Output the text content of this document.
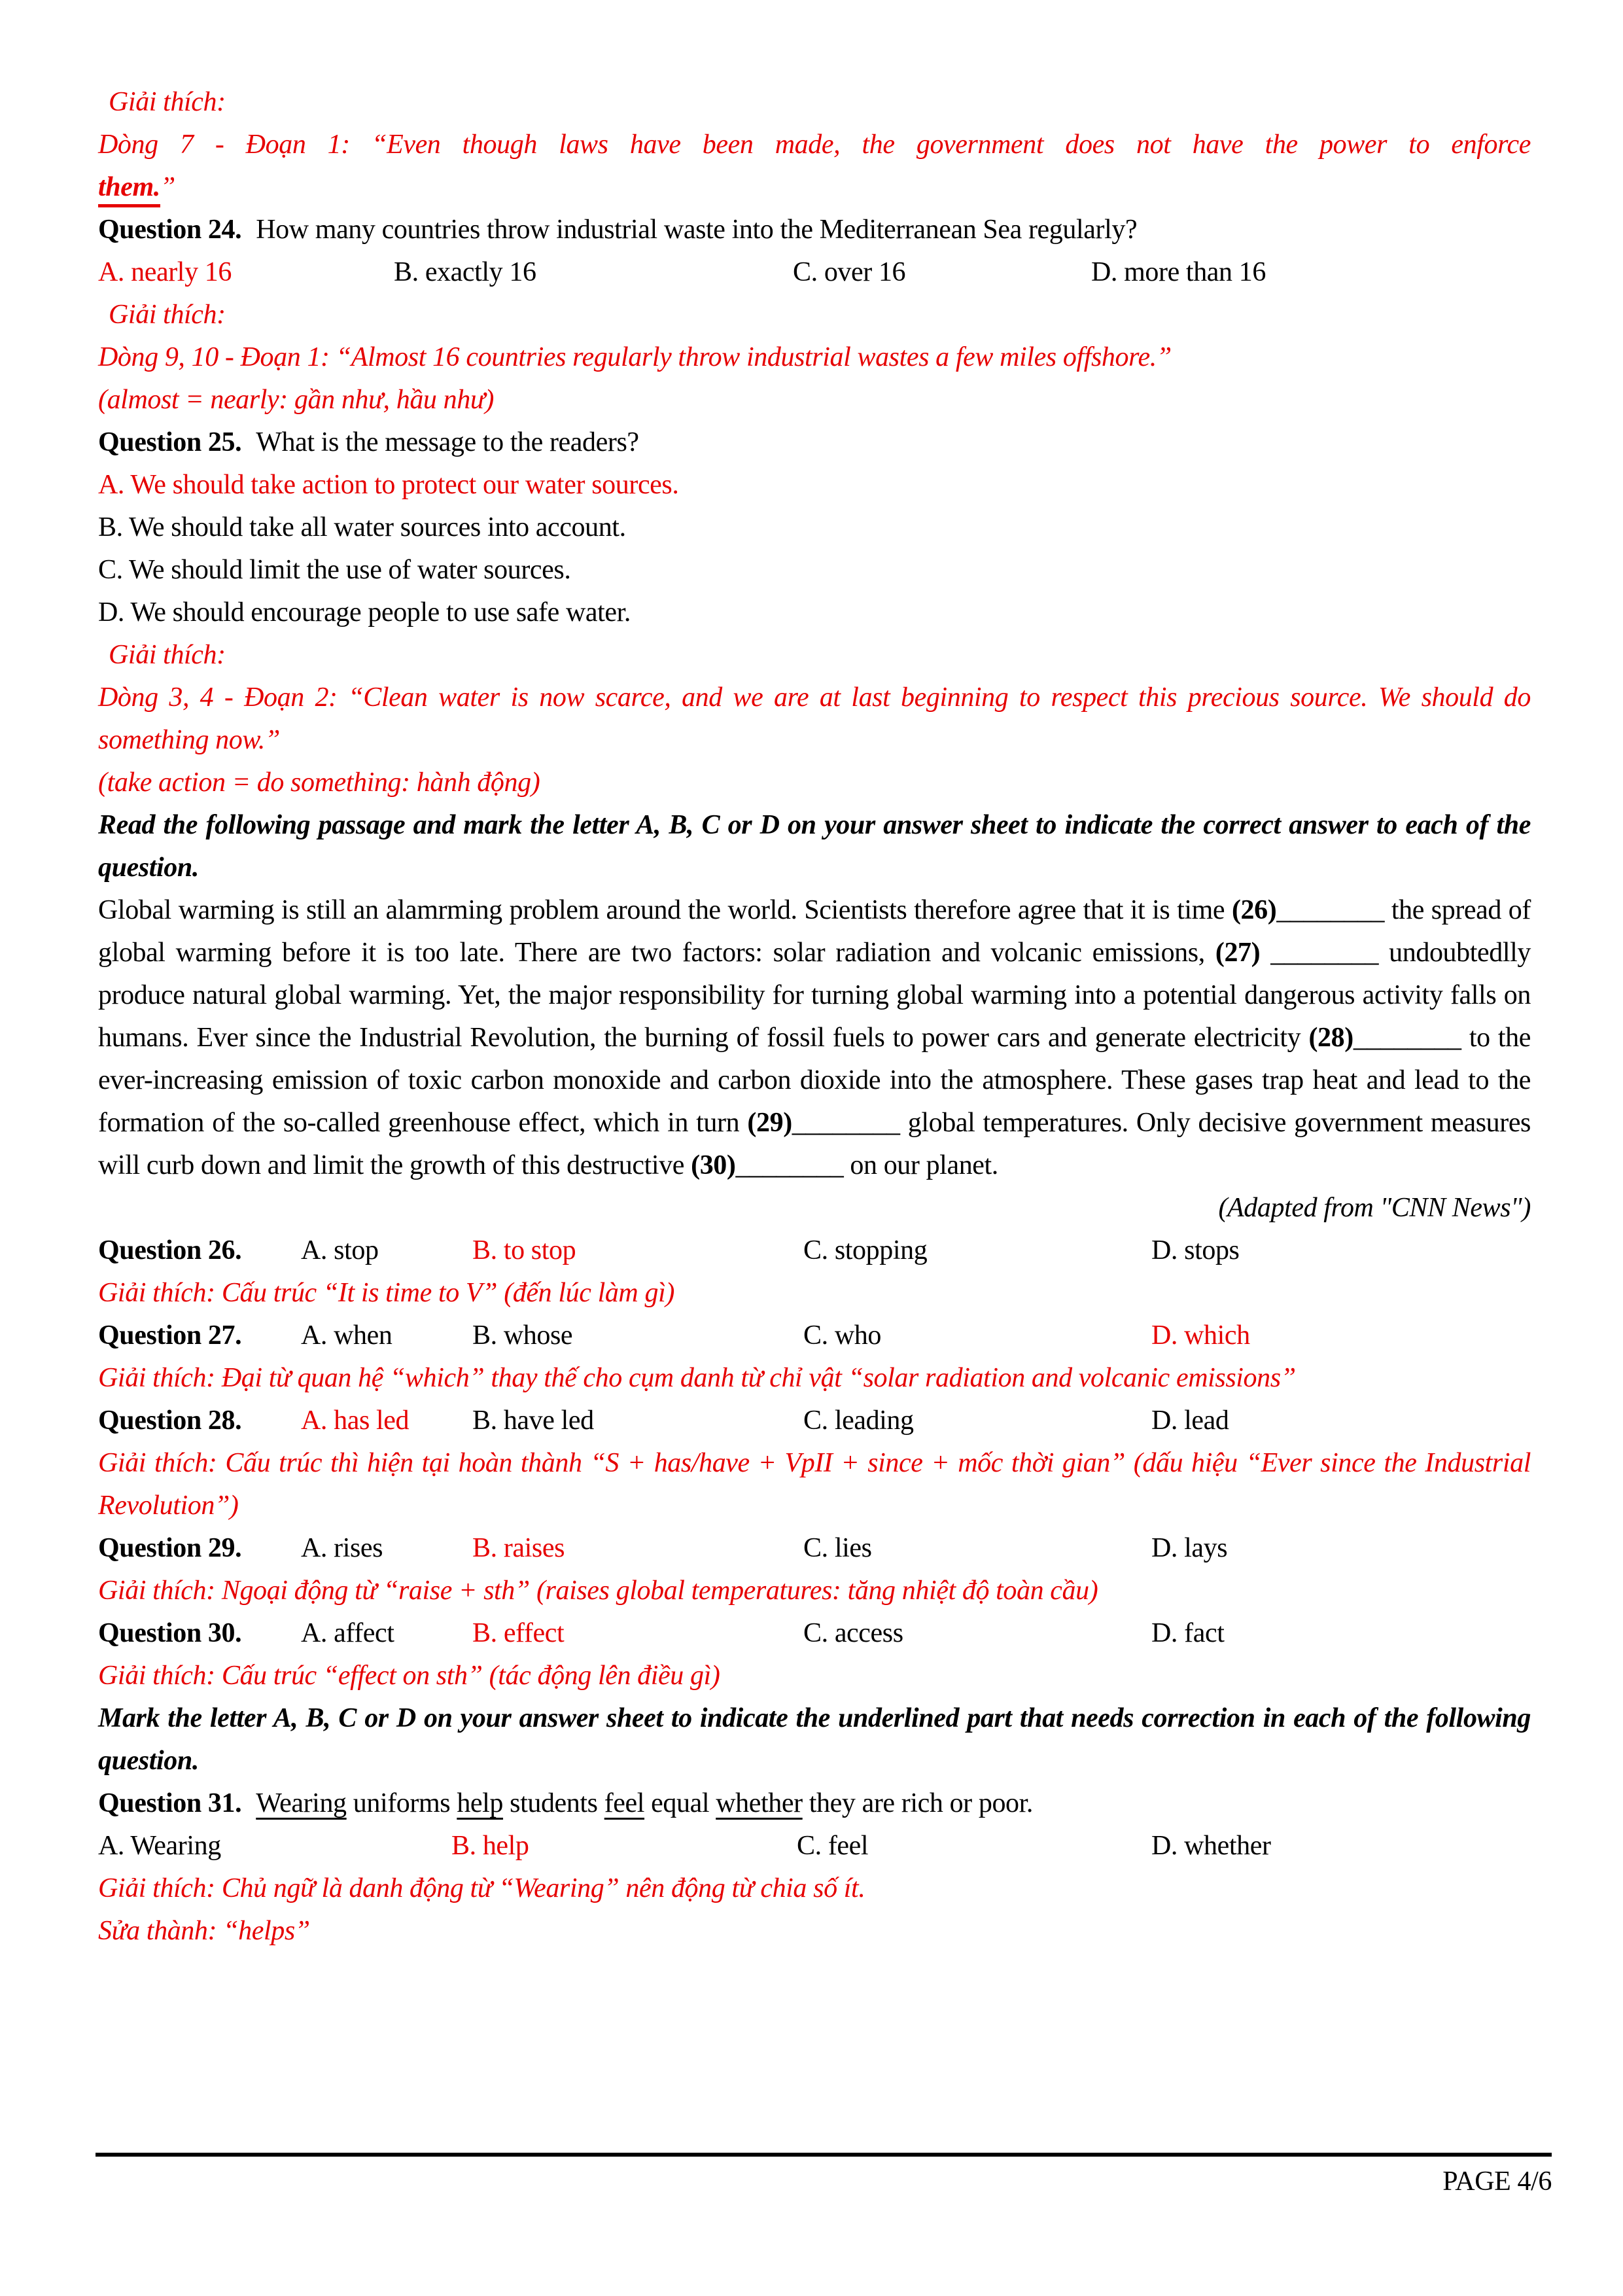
Giải thích:

Dòng 7 - Đoạn 1: “Even though laws have been made, the government does not have the power to enforce

them.”

Question 24. How many countries throw industrial waste into the Mediterranean Sea regularly?

A. nearly 16	B. exactly 16	C. over 16	D. more than 16

Giải thích:

Dòng 9, 10 - Đoạn 1: “Almost 16 countries regularly throw industrial wastes a few miles offshore.”

(almost = nearly: gần như, hầu như)

Question 25. What is the message to the readers?

A. We should take action to protect our water sources.

B. We should take all water sources into account.

C. We should limit the use of water sources.

D. We should encourage people to use safe water.

Giải thích:

Dòng 3, 4 - Đoạn 2: “Clean water is now scarce, and we are at last beginning to respect this precious source. We should do something now.”

(take action = do something: hành động)

Read the following passage and mark the letter A, B, C or D on your answer sheet to indicate the correct answer to each of the question.

Global warming is still an alamrming problem around the world. Scientists therefore agree that it is time (26)________ the spread of global warming before it is too late. There are two factors: solar radiation and volcanic emissions, (27) ________ undoubtedlly produce natural global warming. Yet, the major responsibility for turning global warming into a potential dangerous activity falls on humans. Ever since the Industrial Revolution, the burning of fossil fuels to power cars and generate electricity (28)________ to the ever-increasing emission of toxic carbon monoxide and carbon dioxide into the atmosphere. These gases trap heat and lead to the formation of the so-called greenhouse effect, which in turn (29)________ global temperatures. Only decisive government measures will curb down and limit the growth of this destructive (30)________ on our planet.

(Adapted from "CNN News")

Question 26. A. stop	B. to stop	C. stopping	D. stops

Giải thích: Cấu trúc “It is time to V” (đến lúc làm gì)

Question 27. A. when	B. whose	C. who	D. which

Giải thích: Đại từ quan hệ “which” thay thế cho cụm danh từ chỉ vật “solar radiation and volcanic emissions”

Question 28. A. has led B. have led	C. leading	D. lead

Giải thích: Cấu trúc thì hiện tại hoàn thành “S + has/have + VpII + since + mốc thời gian” (dấu hiệu “Ever since the Industrial Revolution”)

Question 29. A. rises	B. raises	C. lies	D. lays

Giải thích: Ngoại động từ “raise + sth” (raises global temperatures: tăng nhiệt độ toàn cầu)

Question 30. A. affect	B. effect	C. access	D. fact

Giải thích: Cấu trúc “effect on sth” (tác động lên điều gì)

Mark the letter A, B, C or D on your answer sheet to indicate the underlined part that needs correction in each of the following question.

Question 31. Wearing uniforms help students feel equal whether they are rich or poor.

A. Wearing	B. help	C. feel	D. whether

Giải thích: Chủ ngữ là danh động từ “Wearing” nên động từ chia số ít.

Sửa thành: “helps”

PAGE 4/6
